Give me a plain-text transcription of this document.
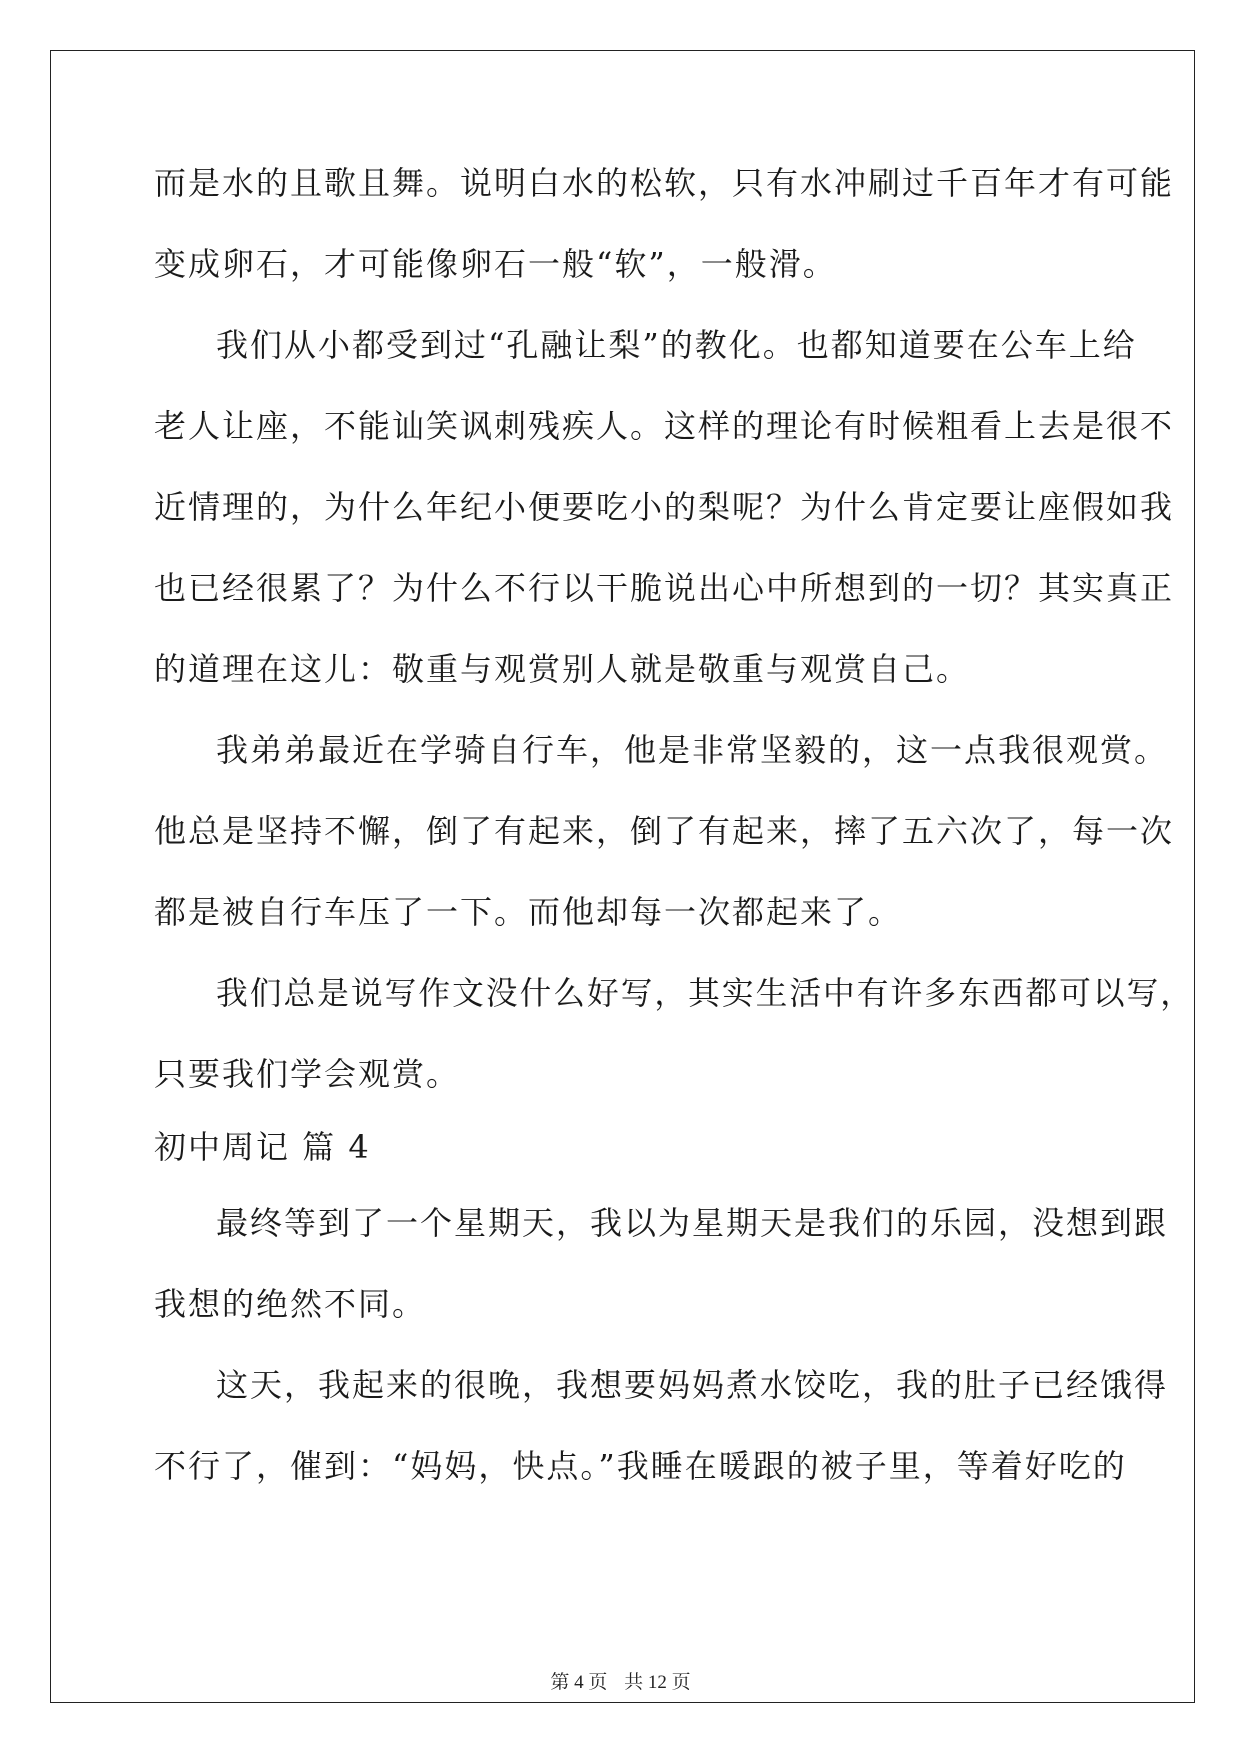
而是水的且歌且舞。说明白水的松软，只有水冲刷过千百年才有可能
变成卵石，才可能像卵石一般“软”，一般滑。
我们从小都受到过“孔融让梨”的教化。也都知道要在公车上给
老人让座，不能讪笑讽刺残疾人。这样的理论有时候粗看上去是很不
近情理的，为什么年纪小便要吃小的梨呢？为什么肯定要让座假如我
也已经很累了？为什么不行以干脆说出心中所想到的一切？其实真正
的道理在这儿：敬重与观赏别人就是敬重与观赏自己。
我弟弟最近在学骑自行车，他是非常坚毅的，这一点我很观赏。
他总是坚持不懈，倒了有起来，倒了有起来，摔了五六次了，每一次
都是被自行车压了一下。而他却每一次都起来了。
我们总是说写作文没什么好写，其实生活中有许多东西都可以写，
只要我们学会观赏。
初中周记 篇 4
最终等到了一个星期天，我以为星期天是我们的乐园，没想到跟
我想的绝然不同。
这天，我起来的很晚，我想要妈妈煮水饺吃，我的肚子已经饿得
不行了，催到：“妈妈，快点。”我睡在暖跟的被子里，等着好吃的
第 4 页 共 12 页
